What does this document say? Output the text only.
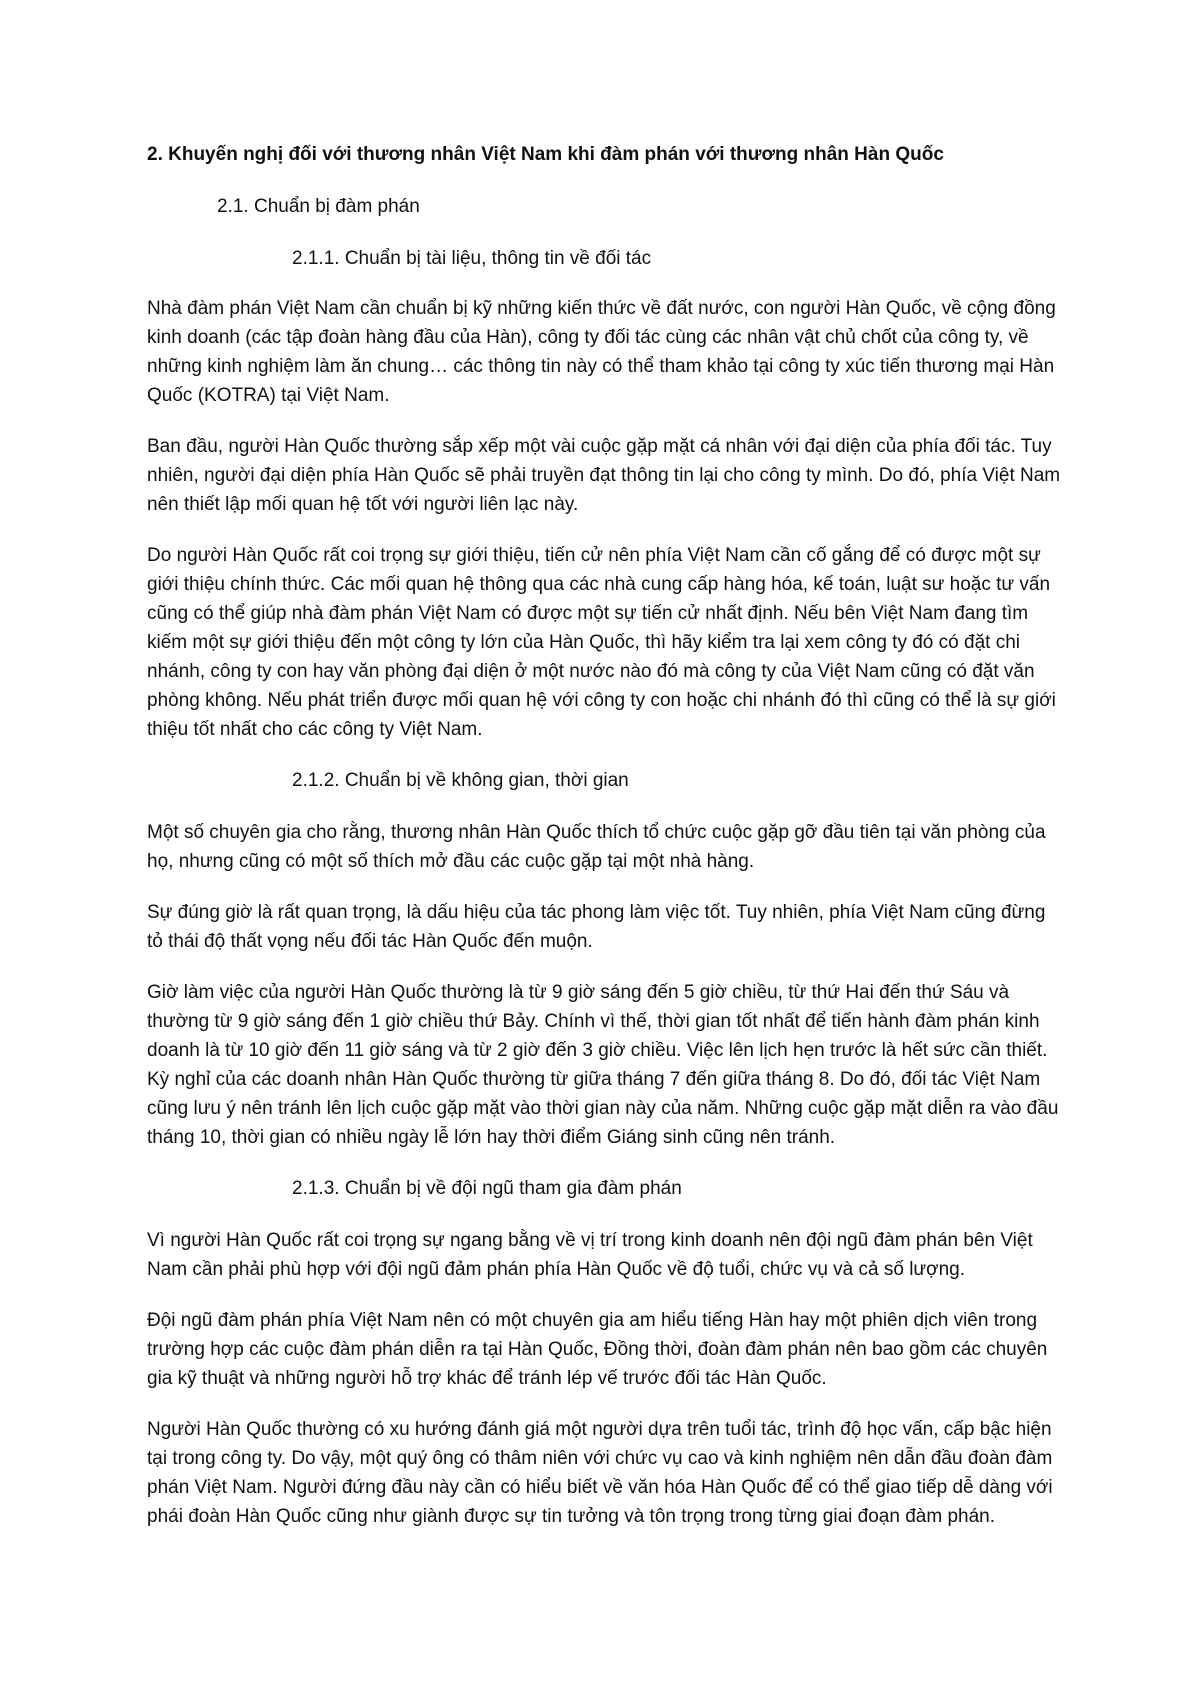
2. Khuyến nghị đối với thương nhân Việt Nam khi đàm phán với thương nhân Hàn Quốc
2.1. Chuẩn bị đàm phán
2.1.1. Chuẩn bị tài liệu, thông tin về đối tác

Nhà đàm phán Việt Nam cần chuẩn bị kỹ những kiến thức về đất nước, con người Hàn Quốc, về cộng đồng kinh doanh (các tập đoàn hàng đầu của Hàn), công ty đối tác cùng các nhân vật chủ chốt của công ty, về những kinh nghiệm làm ăn chung… các thông tin này có thể tham khảo tại công ty xúc tiến thương mại Hàn Quốc (KOTRA) tại Việt Nam.

Ban đầu, người Hàn Quốc thường sắp xếp một vài cuộc gặp mặt cá nhân với đại diện của phía đối tác. Tuy nhiên, người đại diện phía Hàn Quốc sẽ phải truyền đạt thông tin lại cho công ty mình. Do đó, phía Việt Nam nên thiết lập mối quan hệ tốt với người liên lạc này.

Do người Hàn Quốc rất coi trọng sự giới thiệu, tiến cử nên phía Việt Nam cần cố gắng để có được một sự giới thiệu chính thức. Các mối quan hệ thông qua các nhà cung cấp hàng hóa, kế toán, luật sư hoặc tư vấn cũng có thể giúp nhà đàm phán Việt Nam có được một sự tiến cử nhất định. Nếu bên Việt Nam đang tìm kiếm một sự giới thiệu đến một công ty lớn của Hàn Quốc, thì hãy kiểm tra lại xem công ty đó có đặt chi nhánh, công ty con hay văn phòng đại diện ở một nước nào đó mà công ty của Việt Nam cũng có đặt văn phòng không. Nếu phát triển được mối quan hệ với công ty con hoặc chi nhánh đó thì cũng có thể là sự giới thiệu tốt nhất cho các công ty Việt Nam.

2.1.2. Chuẩn bị về không gian, thời gian

Một số chuyên gia cho rằng, thương nhân Hàn Quốc thích tổ chức cuộc gặp gỡ đầu tiên tại văn phòng của họ, nhưng cũng có một số thích mở đầu các cuộc gặp tại một nhà hàng.

Sự đúng giờ là rất quan trọng, là dấu hiệu của tác phong làm việc tốt. Tuy nhiên, phía Việt Nam cũng đừng tỏ thái độ thất vọng nếu đối tác Hàn Quốc đến muộn.

Giờ làm việc của người Hàn Quốc thường là từ 9 giờ sáng đến 5 giờ chiều, từ thứ Hai đến thứ Sáu và thường từ 9 giờ sáng đến 1 giờ chiều thứ Bảy. Chính vì thế, thời gian tốt nhất để tiến hành đàm phán kinh doanh là từ 10 giờ đến 11 giờ sáng và từ 2 giờ đến 3 giờ chiều. Việc lên lịch hẹn trước là hết sức cần thiết. Kỳ nghỉ của các doanh nhân Hàn Quốc thường từ giữa tháng 7 đến giữa tháng 8. Do đó, đối tác Việt Nam cũng lưu ý nên tránh lên lịch cuộc gặp mặt vào thời gian này của năm. Những cuộc gặp mặt diễn ra vào đầu tháng 10, thời gian có nhiều ngày lễ lớn hay thời điểm Giáng sinh cũng nên tránh.

2.1.3. Chuẩn bị về đội ngũ tham gia đàm phán

Vì người Hàn Quốc rất coi trọng sự ngang bằng về vị trí trong kinh doanh nên đội ngũ đàm phán bên Việt Nam cần phải phù hợp với đội ngũ đảm phán phía Hàn Quốc về độ tuổi, chức vụ và cả số lượng.

Đội ngũ đàm phán phía Việt Nam nên có một chuyên gia am hiểu tiếng Hàn hay một phiên dịch viên trong trường hợp các cuộc đàm phán diễn ra tại Hàn Quốc, Đồng thời, đoàn đàm phán nên bao gồm các chuyên gia kỹ thuật và những người hỗ trợ khác để tránh lép vế trước đối tác Hàn Quốc.

Người Hàn Quốc thường có xu hướng đánh giá một người dựa trên tuổi tác, trình độ học vấn, cấp bậc hiện tại trong công ty. Do vậy, một quý ông có thâm niên với chức vụ cao và kinh nghiệm nên dẫn đầu đoàn đàm phán Việt Nam. Người đứng đầu này cần có hiểu biết về văn hóa Hàn Quốc để có thể giao tiếp dễ dàng với phái đoàn Hàn Quốc cũng như giành được sự tin tưởng và tôn trọng trong từng giai đoạn đàm phán.
